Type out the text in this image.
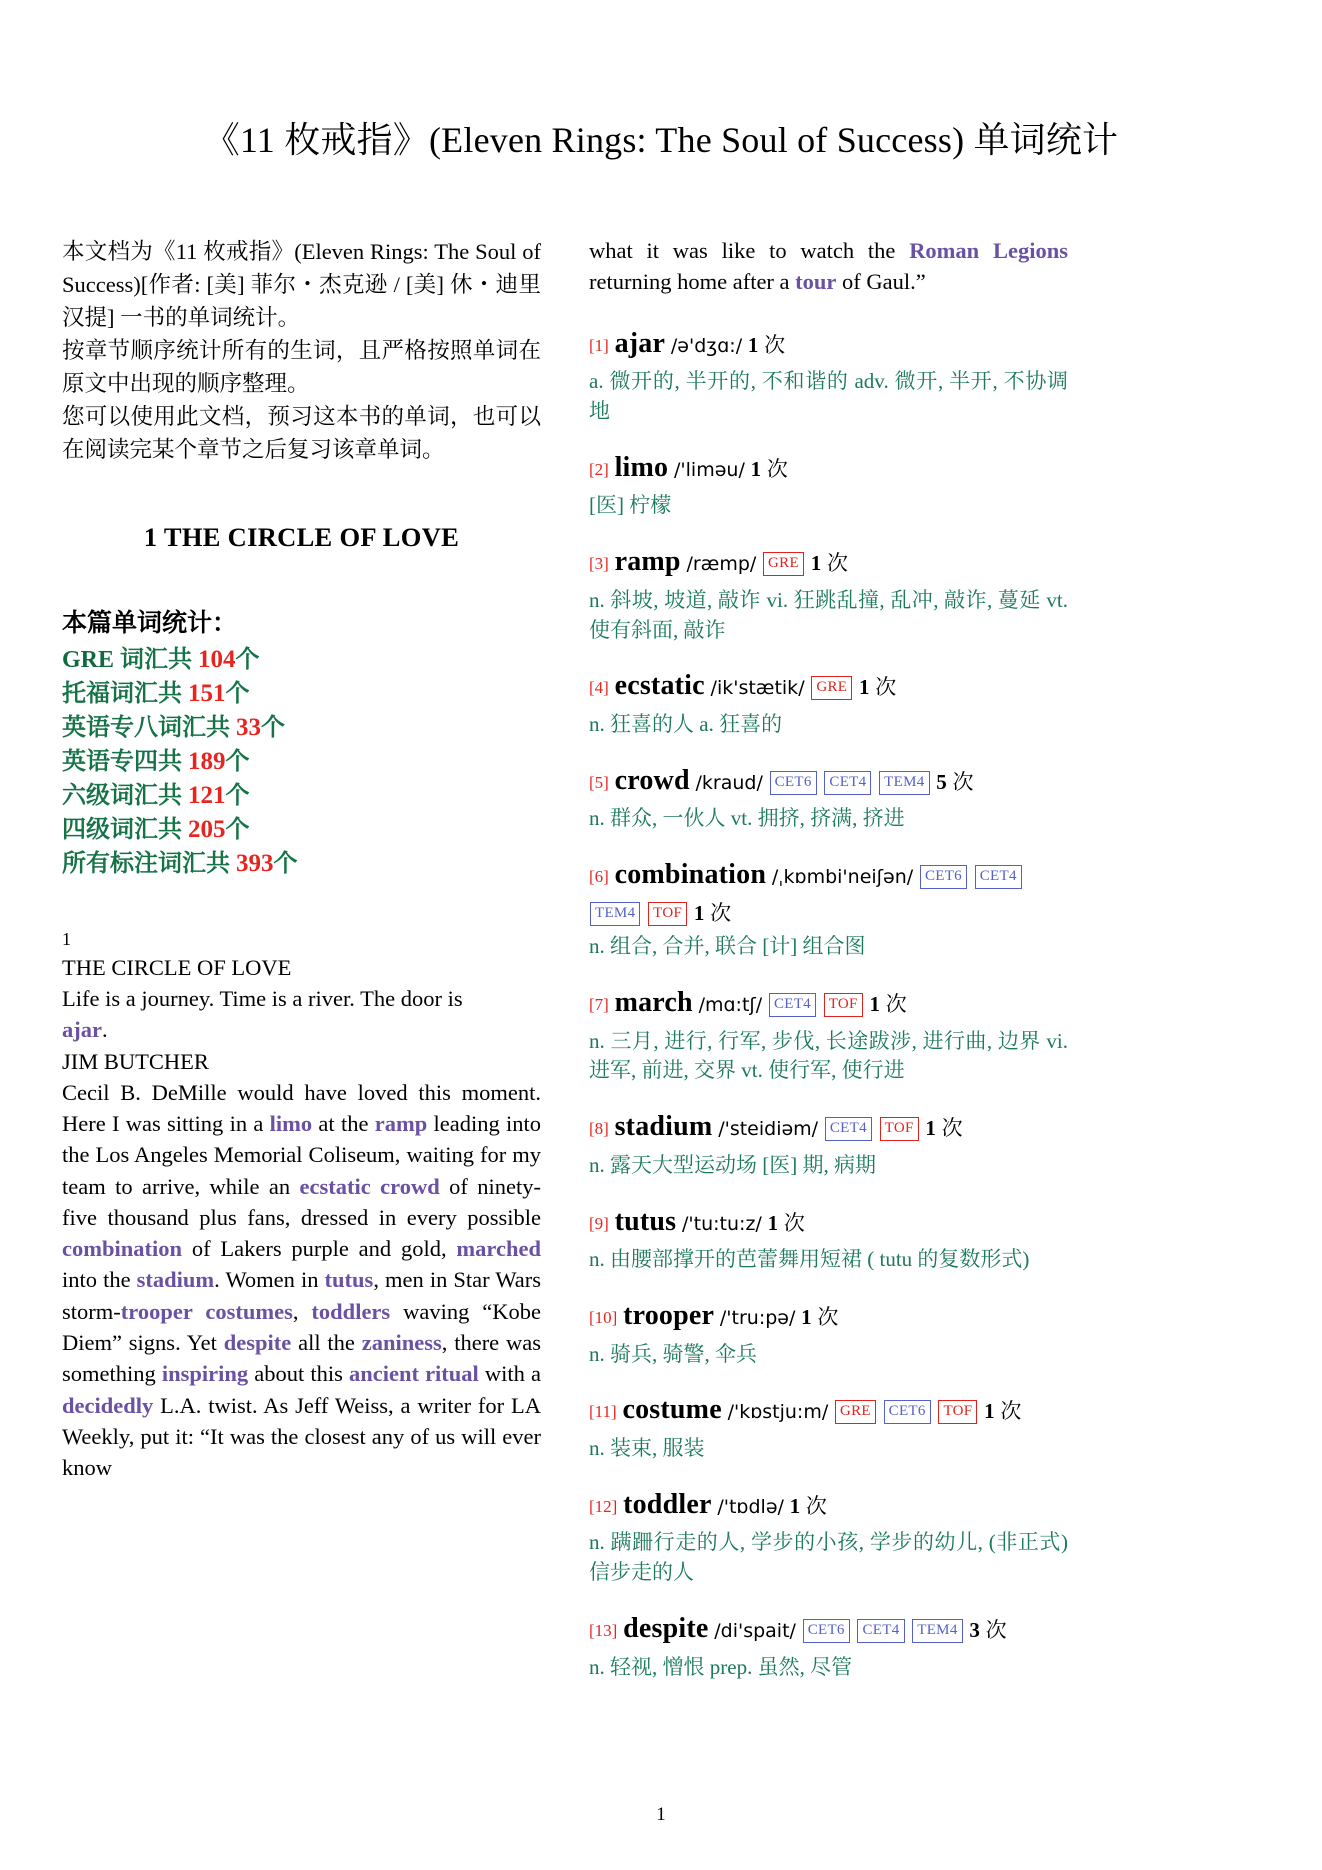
《11 枚戒指》(Eleven Rings: The Soul of Success) 单词统计

本文档为《11 枚戒指》(Eleven Rings: The Soul of Success)[作者: [美] 菲尔・杰克逊 / [美] 休・迪里汉提] 一书的单词统计。

按章节顺序统计所有的生词，且严格按照单词在原文中出现的顺序整理。

您可以使用此文档，预习这本书的单词，也可以在阅读完某个章节之后复习该章单词。

1 THE CIRCLE OF LOVE
本篇单词统计：
GRE 词汇共 104个
托福词汇共 151个
英语专八词汇共 33个
英语专四共 189个
六级词汇共 121个
四级词汇共 205个
所有标注词汇共 393个
1
THE CIRCLE OF LOVE
Life is a journey. Time is a river. The door is
ajar.
JIM BUTCHER

Cecil B. DeMille would have loved this moment. Here I was sitting in a limo at the ramp leading into the Los Angeles Memorial Coliseum, waiting for my team to arrive, while an ecstatic crowd of ninety-five thousand plus fans, dressed in every possible combination of Lakers purple and gold, marched into the stadium. Women in tutus, men in Star Wars storm-trooper costumes, toddlers waving “Kobe Diem” signs. Yet despite all the zaniness, there was something inspiring about this ancient ritual with a decidedly L.A. twist. As Jeff Weiss, a writer for LA Weekly, put it: “It was the closest any of us will ever know

what it was like to watch the Roman Legions returning home after a tour of Gaul.”

[1] ajar /ə'dʒɑ:/ 1 次
a. 微开的, 半开的, 不和谐的 adv. 微开, 半开, 不协调地
[2] limo /'liməu/ 1 次
[医] 柠檬
[3] ramp /ræmp/ GRE 1 次
n. 斜坡, 坡道, 敲诈 vi. 狂跳乱撞, 乱冲, 敲诈, 蔓延 vt. 使有斜面, 敲诈
[4] ecstatic /ik'stætik/ GRE 1 次
n. 狂喜的人 a. 狂喜的
[5] crowd /kraud/ CET6 CET4 TEM4 5 次
n. 群众, 一伙人 vt. 拥挤, 挤满, 挤进
[6] combination /ˌkɒmbi'neiʃən/ CET6 CET4 TEM4 TOF 1 次
n. 组合, 合并, 联合 [计] 组合图
[7] march /mɑ:tʃ/ CET4 TOF 1 次
n. 三月, 进行, 行军, 步伐, 长途跋涉, 进行曲, 边界 vi. 进军, 前进, 交界 vt. 使行军, 使行进
[8] stadium /'steidiəm/ CET4 TOF 1 次
n. 露天大型运动场 [医] 期, 病期
[9] tutus /'tu:tu:z/ 1 次
n. 由腰部撑开的芭蕾舞用短裙 ( tutu 的复数形式)
[10] trooper /'tru:pə/ 1 次
n. 骑兵, 骑警, 伞兵
[11] costume /'kɒstju:m/ GRE CET6 TOF 1 次
n. 装束, 服装
[12] toddler /'tɒdlə/ 1 次
n. 蹒跚行走的人, 学步的小孩, 学步的幼儿, (非正式) 信步走的人
[13] despite /di'spait/ CET6 CET4 TEM4 3 次
n. 轻视, 憎恨 prep. 虽然, 尽管
1
